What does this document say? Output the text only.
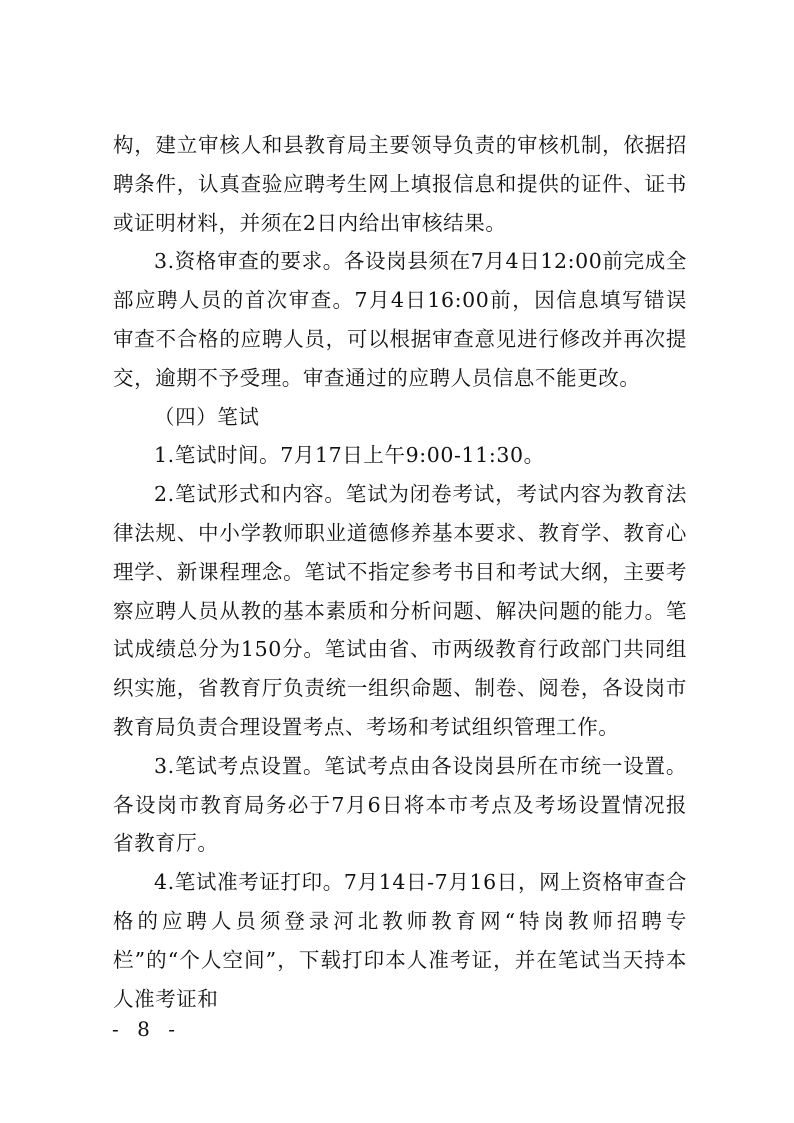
构，建立审核人和县教育局主要领导负责的审核机制，依据招聘条件，认真查验应聘考生网上填报信息和提供的证件、证书或证明材料，并须在2日内给出审核结果。

3.资格审查的要求。各设岗县须在7月4日12:00前完成全部应聘人员的首次审查。7月4日16:00前，因信息填写错误审查不合格的应聘人员，可以根据审查意见进行修改并再次提交，逾期不予受理。审查通过的应聘人员信息不能更改。

（四）笔试

1.笔试时间。7月17日上午9:00-11:30。

2.笔试形式和内容。笔试为闭卷考试，考试内容为教育法律法规、中小学教师职业道德修养基本要求、教育学、教育心理学、新课程理念。笔试不指定参考书目和考试大纲，主要考察应聘人员从教的基本素质和分析问题、解决问题的能力。笔试成绩总分为150分。笔试由省、市两级教育行政部门共同组织实施，省教育厅负责统一组织命题、制卷、阅卷，各设岗市教育局负责合理设置考点、考场和考试组织管理工作。

3.笔试考点设置。笔试考点由各设岗县所在市统一设置。各设岗市教育局务必于7月6日将本市考点及考场设置情况报省教育厅。

4.笔试准考证打印。7月14日-7月16日，网上资格审查合格的应聘人员须登录河北教师教育网“特岗教师招聘专栏”的“个人空间”，下载打印本人准考证，并在笔试当天持本人准考证和

- 8 -
